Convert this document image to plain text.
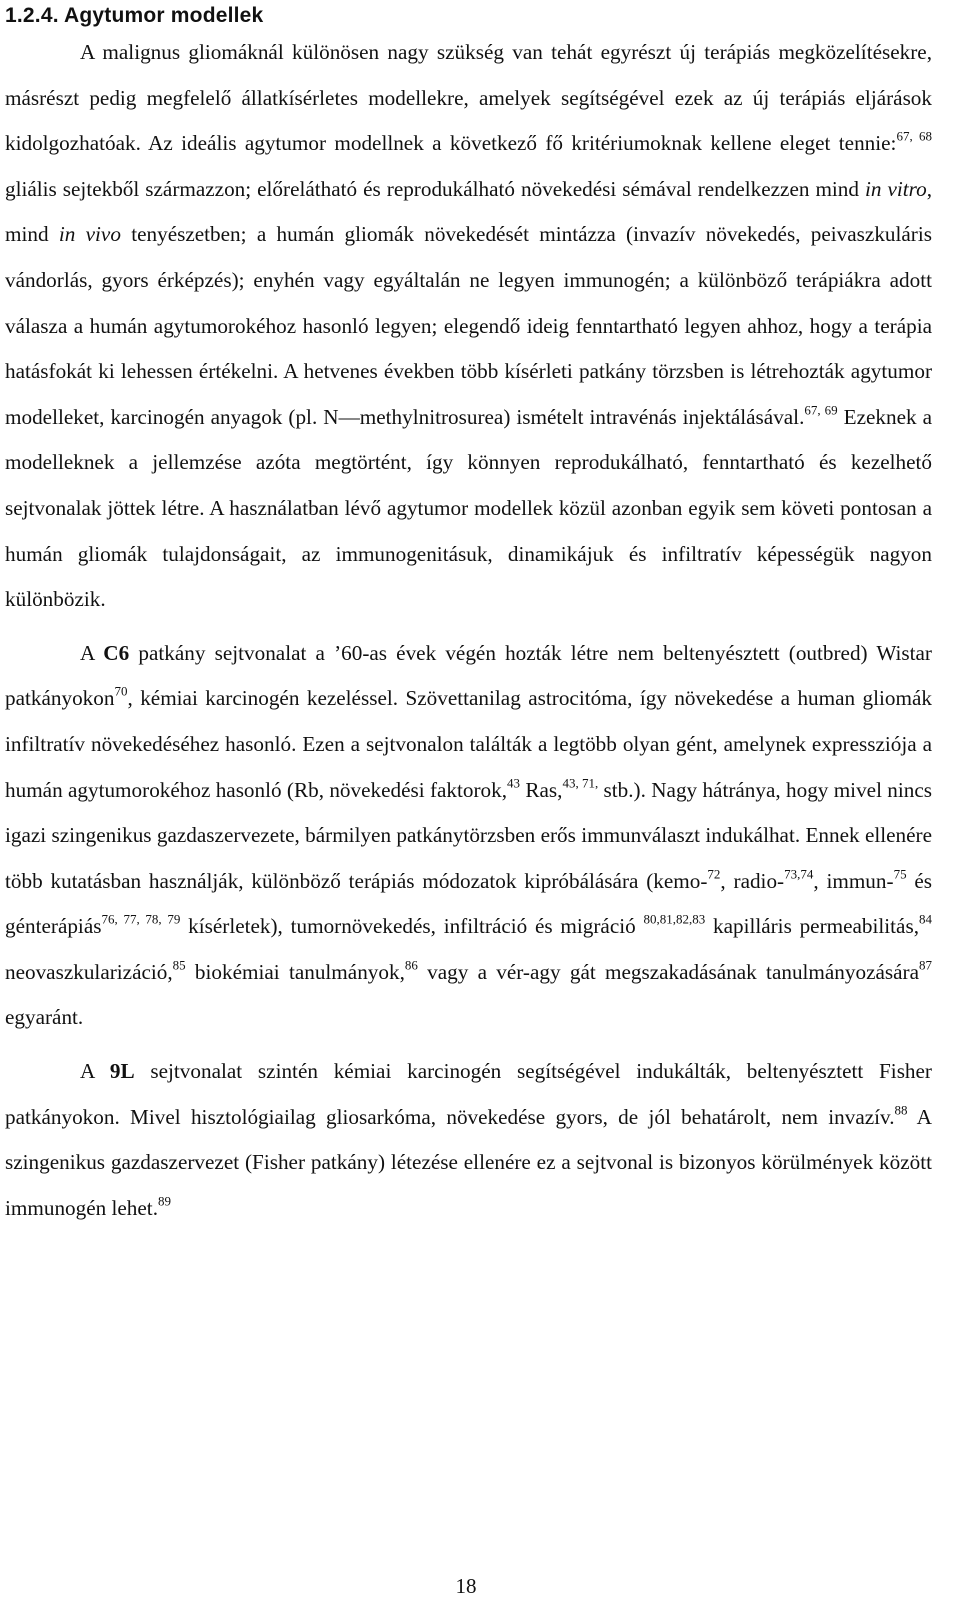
1.2.4. Agytumor modellek

A malignus gliomáknál különösen nagy szükség van tehát egyrészt új terápiás megközelítésekre, másrészt pedig megfelelő állatkísérletes modellekre, amelyek segítségével ezek az új terápiás eljárások kidolgozhatóak. Az ideális agytumor modellnek a következő fő kritériumoknak kellene eleget tennie:$^{67, 68}$ gliális sejtekből származzon; előrelátható és reprodukálható növekedési sémával rendelkezzen mind in vitro, mind in vivo tenyészetben; a humán gliomák növekedését mintázza (invazív növekedés, peivaszkuláris vándorlás, gyors érképzés); enyhén vagy egyáltalán ne legyen immunogén; a különböző terápiákra adott válasza a humán agytumorokéhoz hasonló legyen; elegendő ideig fenntartható legyen ahhoz, hogy a terápia hatásfokát ki lehessen értékelni. A hetvenes években több kísérleti patkány törzsben is létrehozták agytumor modelleket, karcinogén anyagok (pl. N—methylnitrosurea) ismételt intravénás injektálásával.$^{67, 69}$ Ezeknek a modelleknek a jellemzése azóta megtörtént, így könnyen reprodukálható, fenntartható és kezelhető sejtvonalak jöttek létre. A használatban lévő agytumor modellek közül azonban egyik sem követi pontosan a humán gliomák tulajdonságait, az immunogenitásuk, dinamikájuk és infiltratív képességük nagyon különbözik.

A C6 patkány sejtvonalat a ’60-as évek végén hozták létre nem beltenyésztett (outbred) Wistar patkányokon$^{70}$, kémiai karcinogén kezeléssel. Szövettanilag astrocitóma, így növekedése a human gliomák infiltratív növekedéséhez hasonló. Ezen a sejtvonalon találták a legtöbb olyan gént, amelynek expressziója a humán agytumorokéhoz hasonló (Rb, növekedési faktorok,$^{43}$ Ras,$^{43, 71,}$ stb.). Nagy hátránya, hogy mivel nincs igazi szingenikus gazdaszervezete, bármilyen patkánytörzsben erős immunválaszt indukálhat. Ennek ellenére több kutatásban használják, különböző terápiás módozatok kipróbálására (kemo-$^{72}$, radio-$^{73,74}$, immun-$^{75}$ és génterápiás$^{76, 77, 78, 79}$ kísérletek), tumornövekedés, infiltráció és migráció $^{80,81,82,83}$ kapilláris permeabilitás,$^{84}$ neovaszkularizáció,$^{85}$ biokémiai tanulmányok,$^{86}$ vagy a vér-agy gát megszakadásának tanulmányozására$^{87}$ egyaránt.

A 9L sejtvonalat szintén kémiai karcinogén segítségével indukálták, beltenyésztett Fisher patkányokon. Mivel hisztológiailag gliosarkóma, növekedése gyors, de jól behatárolt, nem invazív.$^{88}$ A szingenikus gazdaszervezet (Fisher patkány) létezése ellenére ez a sejtvonal is bizonyos körülmények között immunogén lehet.$^{89}$

18
